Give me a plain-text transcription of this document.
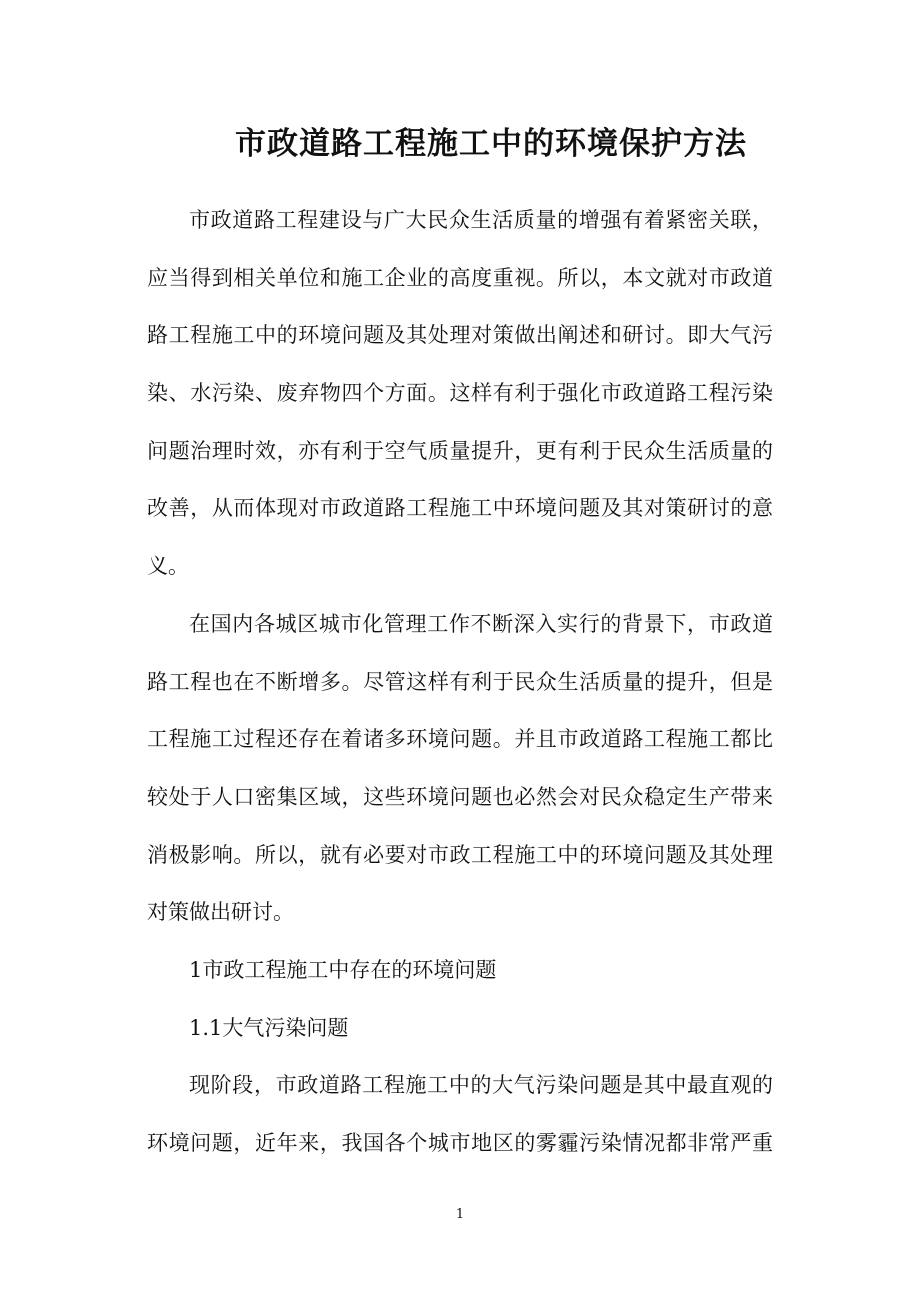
市政道路工程施工中的环境保护方法
市政道路工程建设与广大民众生活质量的增强有着紧密关联，
应当得到相关单位和施工企业的高度重视。所以，本文就对市政道
路工程施工中的环境问题及其处理对策做出阐述和研讨。即大气污
染、水污染、废弃物四个方面。这样有利于强化市政道路工程污染
问题治理时效，亦有利于空气质量提升，更有利于民众生活质量的
改善，从而体现对市政道路工程施工中环境问题及其对策研讨的意
义。
在国内各城区城市化管理工作不断深入实行的背景下，市政道
路工程也在不断增多。尽管这样有利于民众生活质量的提升，但是
工程施工过程还存在着诸多环境问题。并且市政道路工程施工都比
较处于人口密集区域，这些环境问题也必然会对民众稳定生产带来
消极影响。所以，就有必要对市政工程施工中的环境问题及其处理
对策做出研讨。
1市政工程施工中存在的环境问题
1.1大气污染问题
现阶段，市政道路工程施工中的大气污染问题是其中最直观的
环境问题，近年来，我国各个城市地区的雾霾污染情况都非常严重
1
